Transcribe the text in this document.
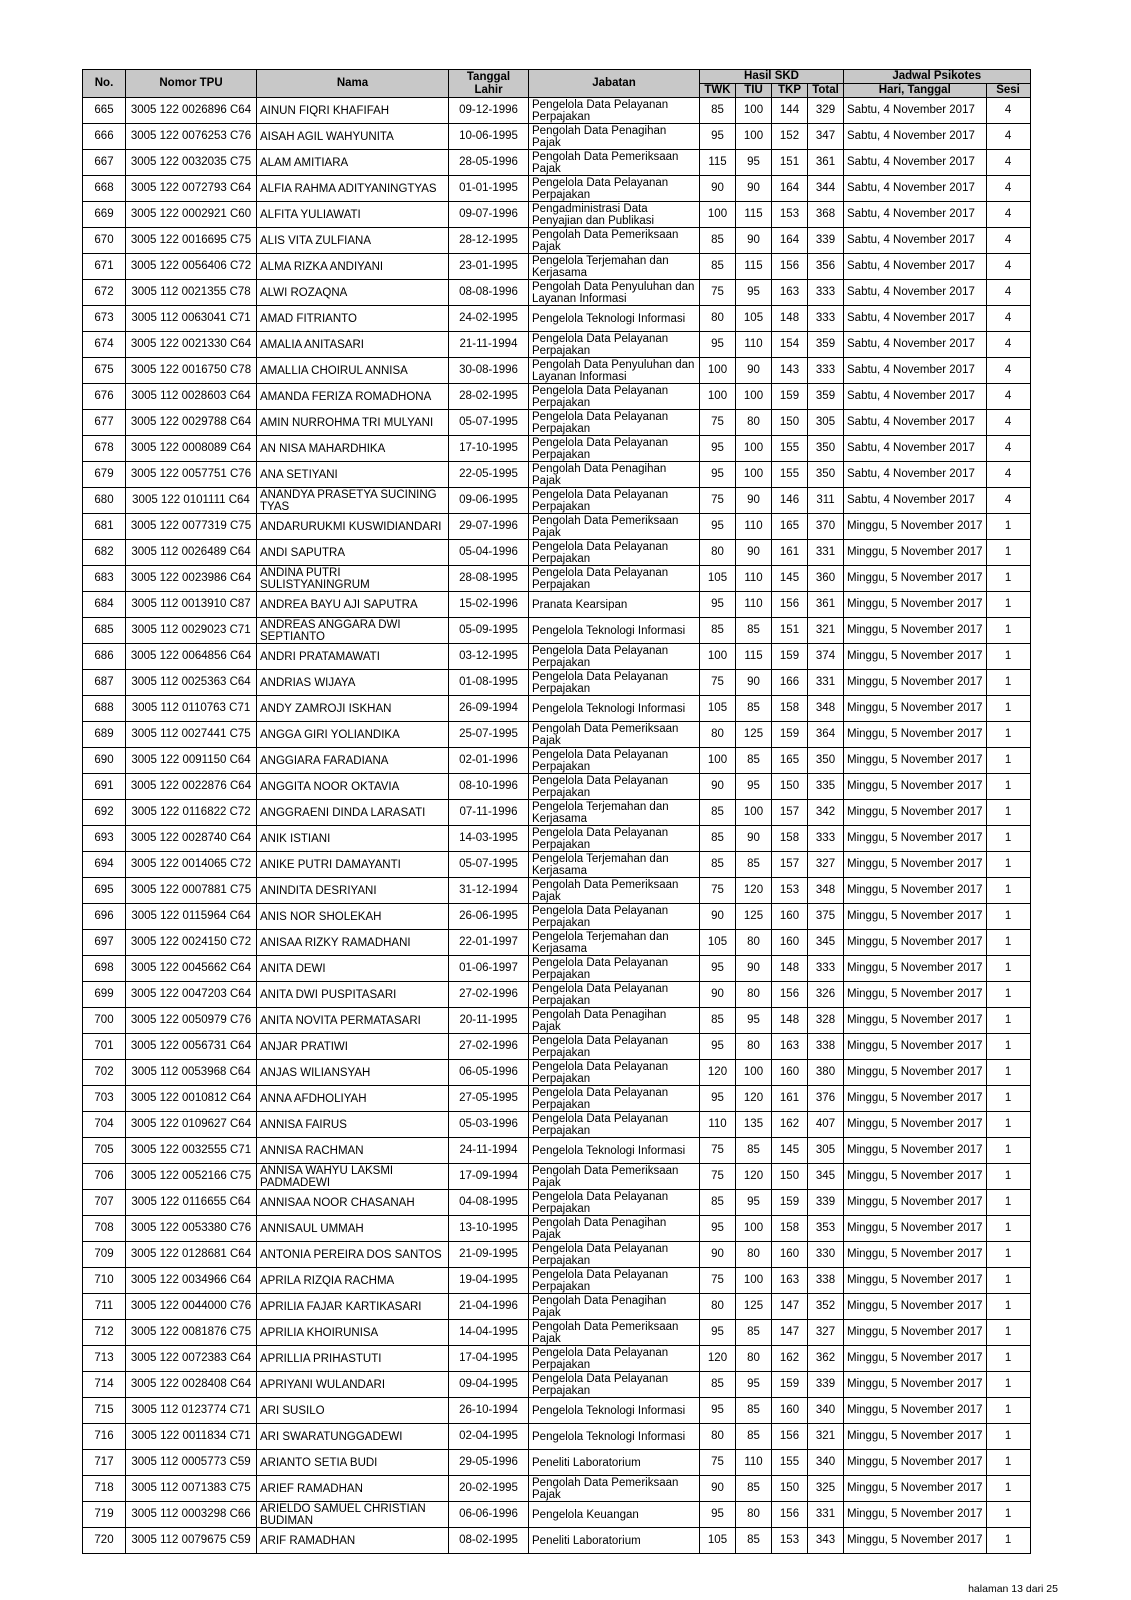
No.	Nomor TPU	Nama	Tanggal Lahir	Jabatan	Hasil SKD				Jadwal Psikotes	
					TWK	TIU	TKP	Total	Hari, Tanggal	Sesi
665	3005 122 0026896 C64	AINUN FIQRI KHAFIFAH	09-12-1996	Pengelola Data Pelayanan Perpajakan	85	100	144	329	Sabtu, 4 November 2017	4
666	3005 122 0076253 C76	AISAH AGIL WAHYUNITA	10-06-1995	Pengolah Data Penagihan Pajak	95	100	152	347	Sabtu, 4 November 2017	4
667	3005 122 0032035 C75	ALAM AMITIARA	28-05-1996	Pengolah Data Pemeriksaan Pajak	115	95	151	361	Sabtu, 4 November 2017	4
668	3005 122 0072793 C64	ALFIA RAHMA ADITYANINGTYAS	01-01-1995	Pengelola Data Pelayanan Perpajakan	90	90	164	344	Sabtu, 4 November 2017	4
669	3005 122 0002921 C60	ALFITA YULIAWATI	09-07-1996	Pengadministrasi Data Penyajian dan Publikasi	100	115	153	368	Sabtu, 4 November 2017	4
670	3005 122 0016695 C75	ALIS VITA ZULFIANA	28-12-1995	Pengolah Data Pemeriksaan Pajak	85	90	164	339	Sabtu, 4 November 2017	4
671	3005 122 0056406 C72	ALMA RIZKA ANDIYANI	23-01-1995	Pengelola Terjemahan dan Kerjasama	85	115	156	356	Sabtu, 4 November 2017	4
672	3005 112 0021355 C78	ALWI ROZAQNA	08-08-1996	Pengolah Data Penyuluhan dan Layanan Informasi	75	95	163	333	Sabtu, 4 November 2017	4
673	3005 112 0063041 C71	AMAD FITRIANTO	24-02-1995	Pengelola Teknologi Informasi	80	105	148	333	Sabtu, 4 November 2017	4
674	3005 122 0021330 C64	AMALIA ANITASARI	21-11-1994	Pengelola Data Pelayanan Perpajakan	95	110	154	359	Sabtu, 4 November 2017	4
675	3005 122 0016750 C78	AMALLIA CHOIRUL ANNISA	30-08-1996	Pengolah Data Penyuluhan dan Layanan Informasi	100	90	143	333	Sabtu, 4 November 2017	4
676	3005 112 0028603 C64	AMANDA FERIZA ROMADHONA	28-02-1995	Pengelola Data Pelayanan Perpajakan	100	100	159	359	Sabtu, 4 November 2017	4
677	3005 122 0029788 C64	AMIN NURROHMA TRI MULYANI	05-07-1995	Pengelola Data Pelayanan Perpajakan	75	80	150	305	Sabtu, 4 November 2017	4
678	3005 122 0008089 C64	AN NISA MAHARDHIKA	17-10-1995	Pengelola Data Pelayanan Perpajakan	95	100	155	350	Sabtu, 4 November 2017	4
679	3005 122 0057751 C76	ANA SETIYANI	22-05-1995	Pengolah Data Penagihan Pajak	95	100	155	350	Sabtu, 4 November 2017	4
680	3005 122 0101111 C64	ANANDYA PRASETYA SUCINING TYAS	09-06-1995	Pengelola Data Pelayanan Perpajakan	75	90	146	311	Sabtu, 4 November 2017	4
681	3005 122 0077319 C75	ANDARURUKMI KUSWIDIANDARI	29-07-1996	Pengolah Data Pemeriksaan Pajak	95	110	165	370	Minggu, 5 November 2017	1
682	3005 112 0026489 C64	ANDI SAPUTRA	05-04-1996	Pengelola Data Pelayanan Perpajakan	80	90	161	331	Minggu, 5 November 2017	1
683	3005 122 0023986 C64	ANDINA PUTRI SULISTYANINGRUM	28-08-1995	Pengelola Data Pelayanan Perpajakan	105	110	145	360	Minggu, 5 November 2017	1
684	3005 112 0013910 C87	ANDREA BAYU AJI SAPUTRA	15-02-1996	Pranata Kearsipan	95	110	156	361	Minggu, 5 November 2017	1
685	3005 112 0029023 C71	ANDREAS ANGGARA DWI SEPTIANTO	05-09-1995	Pengelola Teknologi Informasi	85	85	151	321	Minggu, 5 November 2017	1
686	3005 122 0064856 C64	ANDRI PRATAMAWATI	03-12-1995	Pengelola Data Pelayanan Perpajakan	100	115	159	374	Minggu, 5 November 2017	1
687	3005 112 0025363 C64	ANDRIAS WIJAYA	01-08-1995	Pengelola Data Pelayanan Perpajakan	75	90	166	331	Minggu, 5 November 2017	1
688	3005 112 0110763 C71	ANDY ZAMROJI ISKHAN	26-09-1994	Pengelola Teknologi Informasi	105	85	158	348	Minggu, 5 November 2017	1
689	3005 112 0027441 C75	ANGGA GIRI YOLIANDIKA	25-07-1995	Pengolah Data Pemeriksaan Pajak	80	125	159	364	Minggu, 5 November 2017	1
690	3005 122 0091150 C64	ANGGIARA FARADIANA	02-01-1996	Pengelola Data Pelayanan Perpajakan	100	85	165	350	Minggu, 5 November 2017	1
691	3005 122 0022876 C64	ANGGITA NOOR OKTAVIA	08-10-1996	Pengelola Data Pelayanan Perpajakan	90	95	150	335	Minggu, 5 November 2017	1
692	3005 122 0116822 C72	ANGGRAENI DINDA LARASATI	07-11-1996	Pengelola Terjemahan dan Kerjasama	85	100	157	342	Minggu, 5 November 2017	1
693	3005 122 0028740 C64	ANIK ISTIANI	14-03-1995	Pengelola Data Pelayanan Perpajakan	85	90	158	333	Minggu, 5 November 2017	1
694	3005 122 0014065 C72	ANIKE PUTRI DAMAYANTI	05-07-1995	Pengelola Terjemahan dan Kerjasama	85	85	157	327	Minggu, 5 November 2017	1
695	3005 122 0007881 C75	ANINDITA DESRIYANI	31-12-1994	Pengolah Data Pemeriksaan Pajak	75	120	153	348	Minggu, 5 November 2017	1
696	3005 122 0115964 C64	ANIS NOR SHOLEKAH	26-06-1995	Pengelola Data Pelayanan Perpajakan	90	125	160	375	Minggu, 5 November 2017	1
697	3005 122 0024150 C72	ANISAA RIZKY RAMADHANI	22-01-1997	Pengelola Terjemahan dan Kerjasama	105	80	160	345	Minggu, 5 November 2017	1
698	3005 122 0045662 C64	ANITA DEWI	01-06-1997	Pengelola Data Pelayanan Perpajakan	95	90	148	333	Minggu, 5 November 2017	1
699	3005 122 0047203 C64	ANITA DWI PUSPITASARI	27-02-1996	Pengelola Data Pelayanan Perpajakan	90	80	156	326	Minggu, 5 November 2017	1
700	3005 122 0050979 C76	ANITA NOVITA PERMATASARI	20-11-1995	Pengolah Data Penagihan Pajak	85	95	148	328	Minggu, 5 November 2017	1
701	3005 122 0056731 C64	ANJAR PRATIWI	27-02-1996	Pengelola Data Pelayanan Perpajakan	95	80	163	338	Minggu, 5 November 2017	1
702	3005 112 0053968 C64	ANJAS WILIANSYAH	06-05-1996	Pengelola Data Pelayanan Perpajakan	120	100	160	380	Minggu, 5 November 2017	1
703	3005 122 0010812 C64	ANNA AFDHOLIYAH	27-05-1995	Pengelola Data Pelayanan Perpajakan	95	120	161	376	Minggu, 5 November 2017	1
704	3005 122 0109627 C64	ANNISA FAIRUS	05-03-1996	Pengelola Data Pelayanan Perpajakan	110	135	162	407	Minggu, 5 November 2017	1
705	3005 122 0032555 C71	ANNISA RACHMAN	24-11-1994	Pengelola Teknologi Informasi	75	85	145	305	Minggu, 5 November 2017	1
706	3005 122 0052166 C75	ANNISA WAHYU LAKSMI PADMADEWI	17-09-1994	Pengolah Data Pemeriksaan Pajak	75	120	150	345	Minggu, 5 November 2017	1
707	3005 122 0116655 C64	ANNISAA NOOR CHASANAH	04-08-1995	Pengelola Data Pelayanan Perpajakan	85	95	159	339	Minggu, 5 November 2017	1
708	3005 122 0053380 C76	ANNISAUL UMMAH	13-10-1995	Pengolah Data Penagihan Pajak	95	100	158	353	Minggu, 5 November 2017	1
709	3005 122 0128681 C64	ANTONIA PEREIRA DOS SANTOS	21-09-1995	Pengelola Data Pelayanan Perpajakan	90	80	160	330	Minggu, 5 November 2017	1
710	3005 122 0034966 C64	APRILA RIZQIA RACHMA	19-04-1995	Pengelola Data Pelayanan Perpajakan	75	100	163	338	Minggu, 5 November 2017	1
711	3005 122 0044000 C76	APRILIA FAJAR KARTIKASARI	21-04-1996	Pengolah Data Penagihan Pajak	80	125	147	352	Minggu, 5 November 2017	1
712	3005 122 0081876 C75	APRILIA KHOIRUNISA	14-04-1995	Pengolah Data Pemeriksaan Pajak	95	85	147	327	Minggu, 5 November 2017	1
713	3005 122 0072383 C64	APRILLIA PRIHASTUTI	17-04-1995	Pengelola Data Pelayanan Perpajakan	120	80	162	362	Minggu, 5 November 2017	1
714	3005 122 0028408 C64	APRIYANI WULANDARI	09-04-1995	Pengelola Data Pelayanan Perpajakan	85	95	159	339	Minggu, 5 November 2017	1
715	3005 112 0123774 C71	ARI SUSILO	26-10-1994	Pengelola Teknologi Informasi	95	85	160	340	Minggu, 5 November 2017	1
716	3005 122 0011834 C71	ARI SWARATUNGGADEWI	02-04-1995	Pengelola Teknologi Informasi	80	85	156	321	Minggu, 5 November 2017	1
717	3005 112 0005773 C59	ARIANTO SETIA BUDI	29-05-1996	Peneliti Laboratorium	75	110	155	340	Minggu, 5 November 2017	1
718	3005 112 0071383 C75	ARIEF RAMADHAN	20-02-1995	Pengolah Data Pemeriksaan Pajak	90	85	150	325	Minggu, 5 November 2017	1
719	3005 112 0003298 C66	ARIELDO SAMUEL CHRISTIAN BUDIMAN	06-06-1996	Pengelola Keuangan	95	80	156	331	Minggu, 5 November 2017	1
720	3005 112 0079675 C59	ARIF RAMADHAN	08-02-1995	Peneliti Laboratorium	105	85	153	343	Minggu, 5 November 2017	1
halaman 13 dari 25
